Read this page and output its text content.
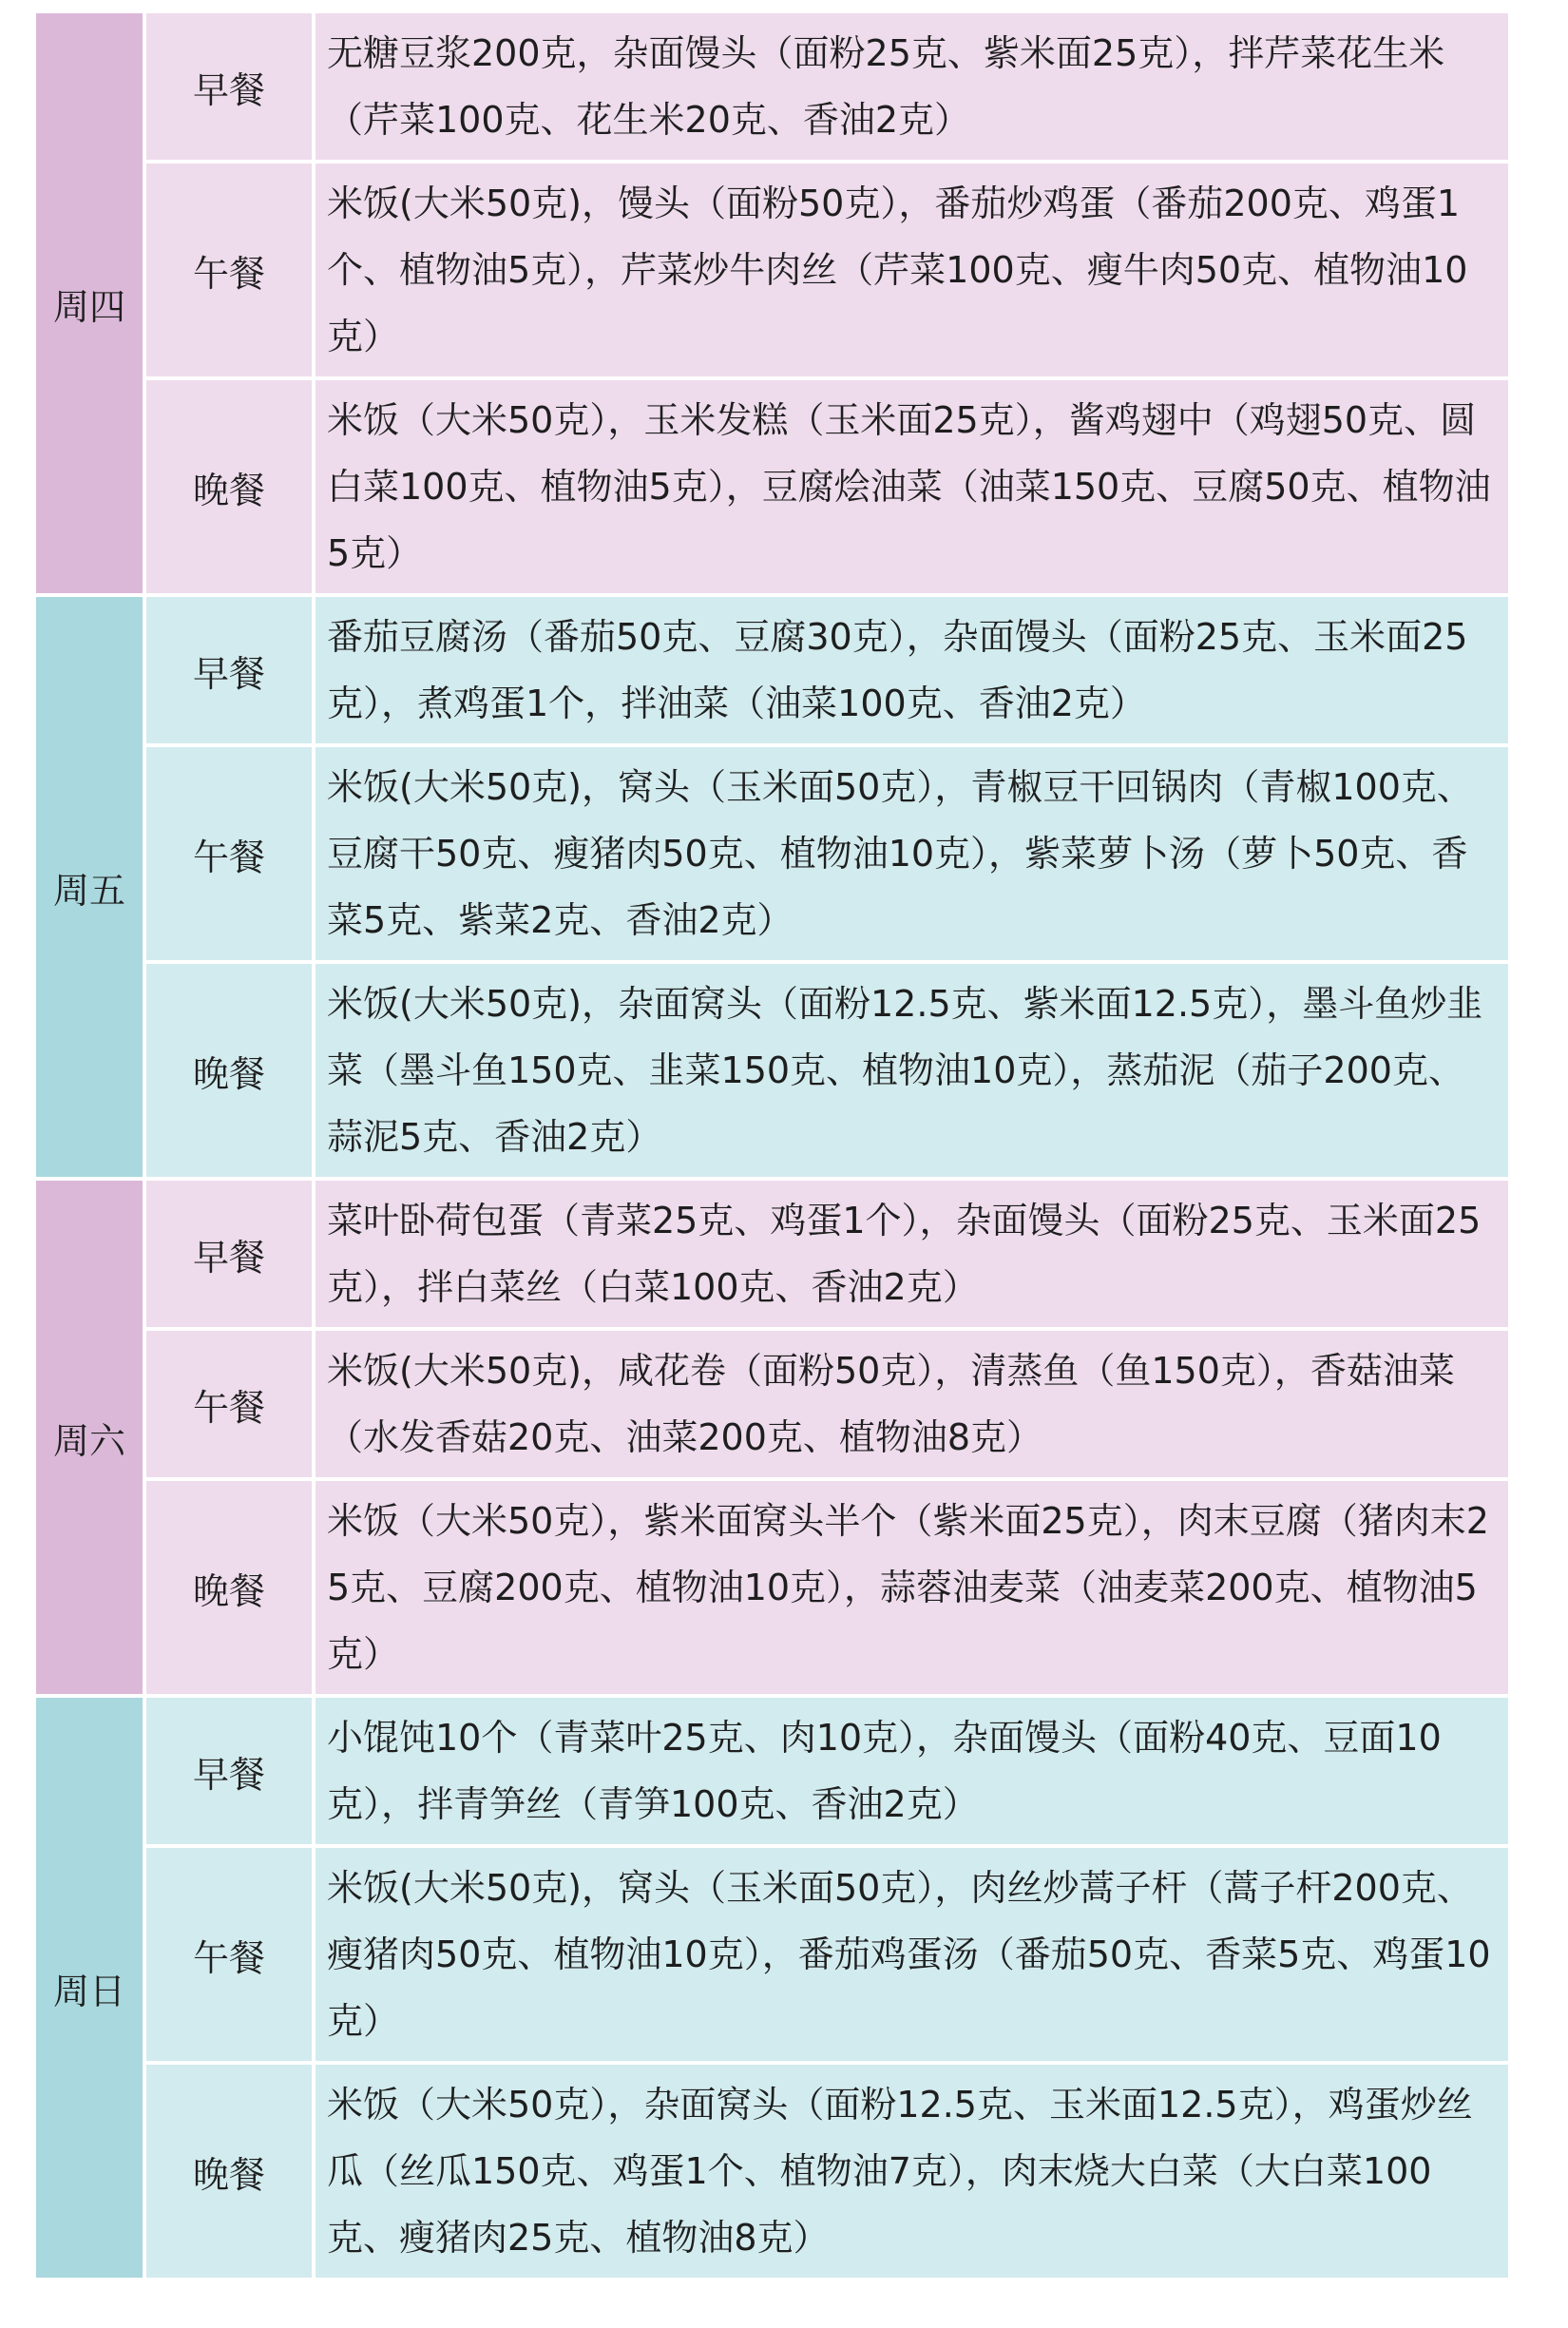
周四	早餐	无糖豆浆200克，杂面馒头（面粉25克、紫米面25克），拌芹菜花生米（芹菜100克、花生米20克、香油2克）
	午餐	米饭(大米50克)，馒头（面粉50克），番茄炒鸡蛋（番茄200克、鸡蛋1个、植物油5克），芹菜炒牛肉丝（芹菜100克、瘦牛肉50克、植物油10克）
	晚餐	米饭（大米50克），玉米发糕（玉米面25克），酱鸡翅中（鸡翅50克、圆白菜100克、植物油5克），豆腐烩油菜（油菜150克、豆腐50克、植物油5克）
周五	早餐	番茄豆腐汤（番茄50克、豆腐30克），杂面馒头（面粉25克、玉米面25克），煮鸡蛋1个，拌油菜（油菜100克、香油2克）
	午餐	米饭(大米50克)，窝头（玉米面50克），青椒豆干回锅肉（青椒100克、豆腐干50克、瘦猪肉50克、植物油10克），紫菜萝卜汤（萝卜50克、香菜5克、紫菜2克、香油2克）
	晚餐	米饭(大米50克)，杂面窝头（面粉12.5克、紫米面12.5克），墨斗鱼炒韭菜（墨斗鱼150克、韭菜150克、植物油10克），蒸茄泥（茄子200克、蒜泥5克、香油2克）
周六	早餐	菜叶卧荷包蛋（青菜25克、鸡蛋1个），杂面馒头（面粉25克、玉米面25克），拌白菜丝（白菜100克、香油2克）
	午餐	米饭(大米50克)，咸花卷（面粉50克），清蒸鱼（鱼150克），香菇油菜（水发香菇20克、油菜200克、植物油8克）
	晚餐	米饭（大米50克），紫米面窝头半个（紫米面25克），肉末豆腐（猪肉末25克、豆腐200克、植物油10克），蒜蓉油麦菜（油麦菜200克、植物油5克）
周日	早餐	小馄饨10个（青菜叶25克、肉10克），杂面馒头（面粉40克、豆面10克），拌青笋丝（青笋100克、香油2克）
	午餐	米饭(大米50克)，窝头（玉米面50克），肉丝炒蒿子杆（蒿子杆200克、瘦猪肉50克、植物油10克），番茄鸡蛋汤（番茄50克、香菜5克、鸡蛋10克）
	晚餐	米饭（大米50克），杂面窝头（面粉12.5克、玉米面12.5克），鸡蛋炒丝瓜（丝瓜150克、鸡蛋1个、植物油7克），肉末烧大白菜（大白菜100克、瘦猪肉25克、植物油8克）
